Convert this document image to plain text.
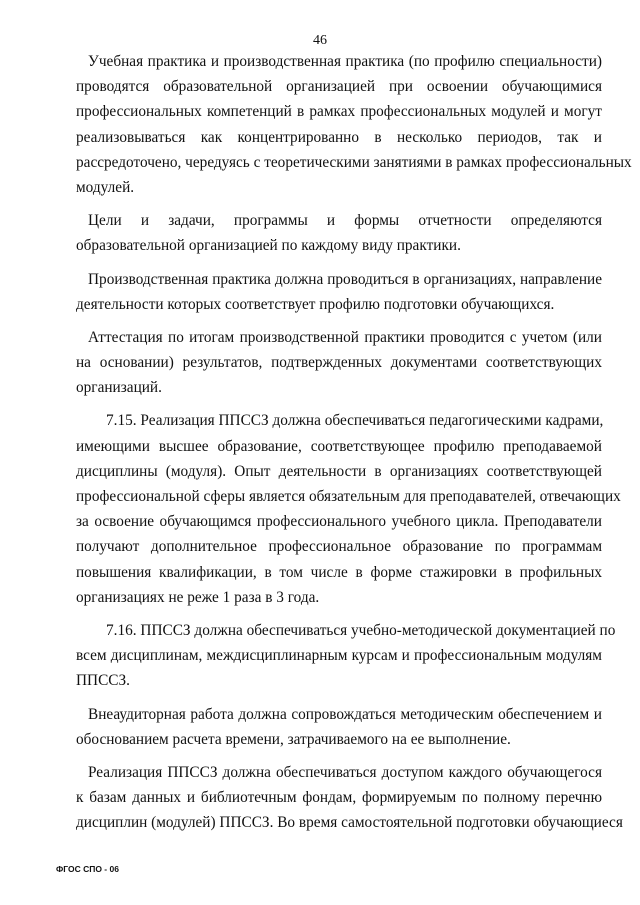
46
Учебная практика и производственная практика (по профилю специальности)
проводятся образовательной организацией при освоении обучающимися
профессиональных компетенций в рамках профессиональных модулей и могут
реализовываться как концентрированно в несколько периодов, так и
рассредоточено, чередуясь с теоретическими занятиями в рамках профессиональных
модулей.
Цели и задачи, программы и формы отчетности определяются
образовательной организацией по каждому виду практики.
Производственная практика должна проводиться в организациях, направление
деятельности которых соответствует профилю подготовки обучающихся.
Аттестация по итогам производственной практики проводится с учетом (или
на основании) результатов, подтвержденных документами соответствующих
организаций.
7.15. Реализация ППССЗ должна обеспечиваться педагогическими кадрами,
имеющими высшее образование, соответствующее профилю преподаваемой
дисциплины (модуля). Опыт деятельности в организациях соответствующей
профессиональной сферы является обязательным для преподавателей, отвечающих
за освоение обучающимся профессионального учебного цикла. Преподаватели
получают дополнительное профессиональное образование по программам
повышения квалификации, в том числе в форме стажировки в профильных
организациях не реже 1 раза в 3 года.
7.16. ППССЗ должна обеспечиваться учебно-методической документацией по
всем дисциплинам, междисциплинарным курсам и профессиональным модулям
ППССЗ.
Внеаудиторная работа должна сопровождаться методическим обеспечением и
обоснованием расчета времени, затрачиваемого на ее выполнение.
Реализация ППССЗ должна обеспечиваться доступом каждого обучающегося
к базам данных и библиотечным фондам, формируемым по полному перечню
дисциплин (модулей) ППССЗ. Во время самостоятельной подготовки обучающиеся
ФГОС СПО - 06
